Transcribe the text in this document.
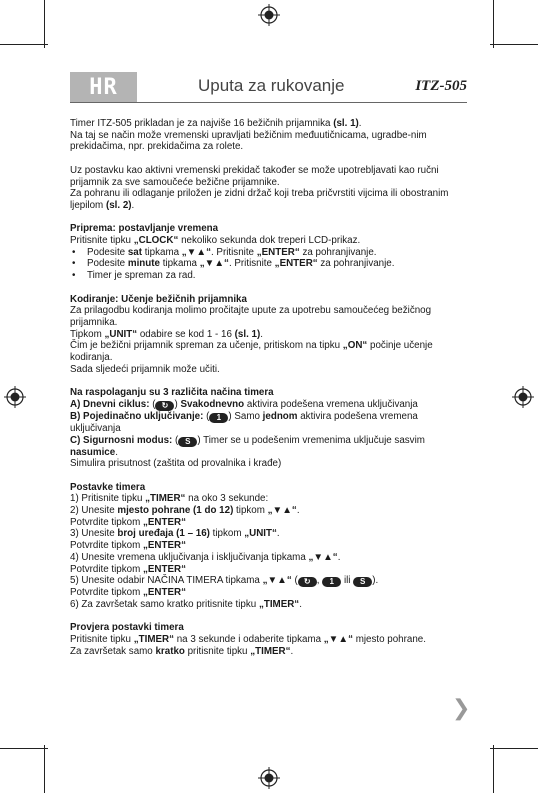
HR	Uputa za rukovanje	ITZ-505

Timer ITZ-505 prikladan je za najviše 16 bežičnih prijamnika (sl. 1).

Na taj se način može vremenski upravljati bežičnim međuutičnicama, ugradbe-nim prekidačima, npr. prekidačima za rolete.

Uz postavku kao aktivni vremenski prekidač također se može upotrebljavati kao ručni prijamnik za sve samoučeće bežične prijamnike.

Za pohranu ili odlaganje priložen je zidni držač koji treba pričvrstiti vijcima ili obostranim ljepilom (sl. 2).

Priprema: postavljanje vremena

Pritisnite tipku „CLOCK“ nekoliko sekunda dok treperi LCD-prikaz.

• Podesite sat tipkama „▼▲“. Pritisnite „ENTER“ za pohranjivanje.
• Podesite minute tipkama „▼▲“. Pritisnite „ENTER“ za pohranjivanje.
• Timer je spreman za rad.

Kodiranje: Učenje bežičnih prijamnika

Za prilagodbu kodiranja molimo pročitajte upute za upotrebu samoučećeg bežičnog prijamnika.

Tipkom „UNIT“ odabire se kod 1 - 16 (sl. 1).

Čim je bežični prijamnik spreman za učenje, pritiskom na tipku „ON“ počinje učenje kodiranja.

Sada sljedeći prijamnik može učiti.

Na raspolaganju su 3 različita načina timera

A) Dnevni ciklus: ( ↻ ) Svakodnevno aktivira podešena vremena uključivanja

B) Pojedinačno uključivanje: ( 1 ) Samo jednom aktivira podešena vremena uključivanja

C) Sigurnosni modus: ( S ) Timer se u podešenim vremenima uključuje sasvim nasumice.

Simulira prisutnost (zaštita od provalnika i krađe)

Postavke timera

1) Pritisnite tipku „TIMER“ na oko 3 sekunde:

2) Unesite mjesto pohrane (1 do 12) tipkom „▼▲“.

Potvrdite tipkom „ENTER“

3) Unesite broj uređaja (1 – 16) tipkom „UNIT“.

Potvrdite tipkom „ENTER“

4) Unesite vremena uključivanja i isključivanja tipkama „▼▲“.

Potvrdite tipkom „ENTER“

5) Unesite odabir NAČINA TIMERA tipkama „▼▲“ ( ↻ , 1 ili S ).

Potvrdite tipkom „ENTER“

6) Za završetak samo kratko pritisnite tipku „TIMER“.

Provjera postavki timera

Pritisnite tipku „TIMER“ na 3 sekunde i odaberite tipkama „▼▲“ mjesto pohrane.

Za završetak samo kratko pritisnite tipku „TIMER“.

❯
